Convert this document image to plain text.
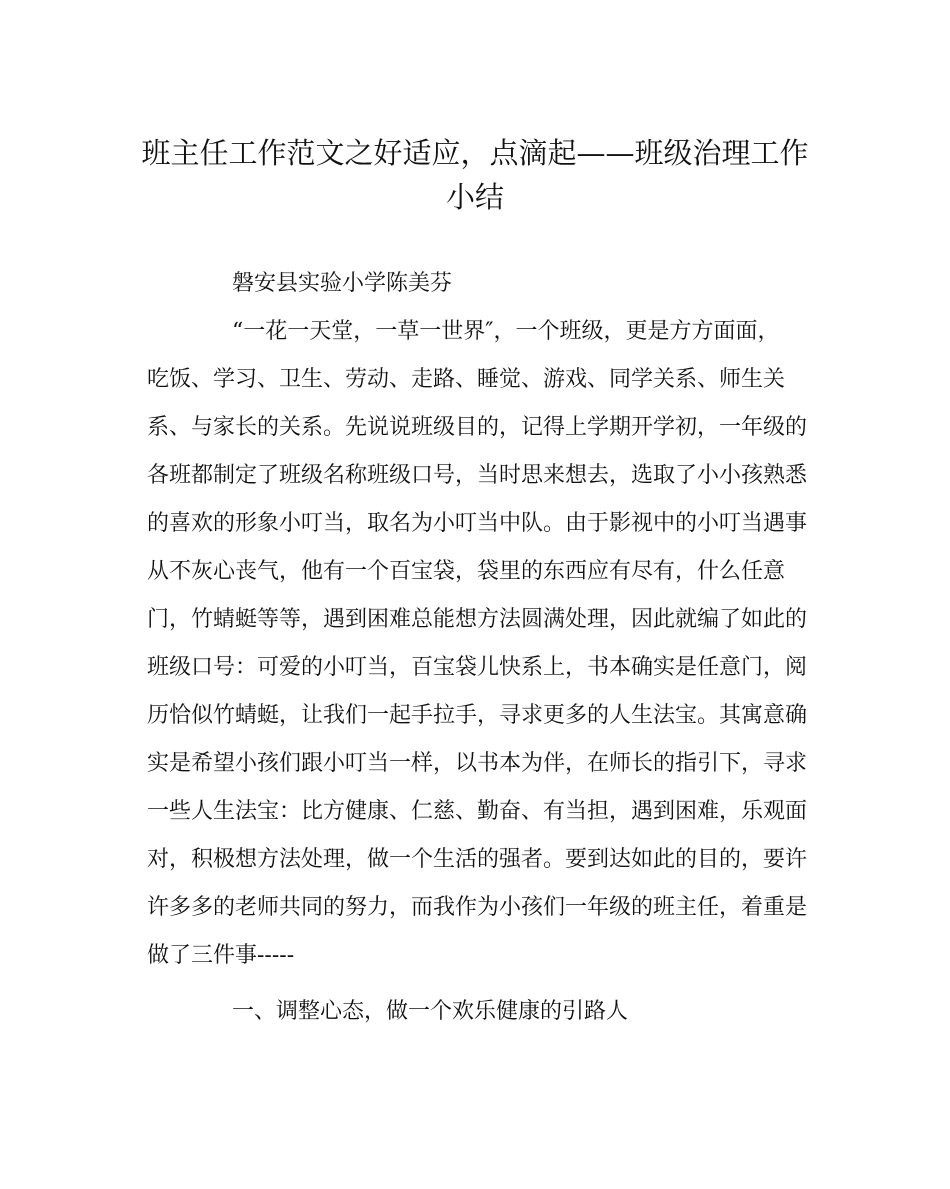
班主任工作范文之好适应，点滴起——班级治理工作
小结

磐安县实验小学陈美芬

“一花一天堂，一草一世界″，一个班级，更是方方面面，

吃饭、学习、卫生、劳动、走路、睡觉、游戏、同学关系、师生关

系、与家长的关系。先说说班级目的，记得上学期开学初，一年级的

各班都制定了班级名称班级口号，当时思来想去，选取了小小孩熟悉

的喜欢的形象小叮当，取名为小叮当中队。由于影视中的小叮当遇事

从不灰心丧气，他有一个百宝袋，袋里的东西应有尽有，什么任意

门，竹蜻蜓等等，遇到困难总能想方法圆满处理，因此就编了如此的

班级口号：可爱的小叮当，百宝袋儿快系上，书本确实是任意门，阅

历恰似竹蜻蜓，让我们一起手拉手，寻求更多的人生法宝。其寓意确

实是希望小孩们跟小叮当一样，以书本为伴，在师长的指引下，寻求

一些人生法宝：比方健康、仁慈、勤奋、有当担，遇到困难，乐观面

对，积极想方法处理，做一个生活的强者。要到达如此的目的，要许

许多多的老师共同的努力，而我作为小孩们一年级的班主任，着重是

做了三件事-----

一、调整心态，做一个欢乐健康的引路人
